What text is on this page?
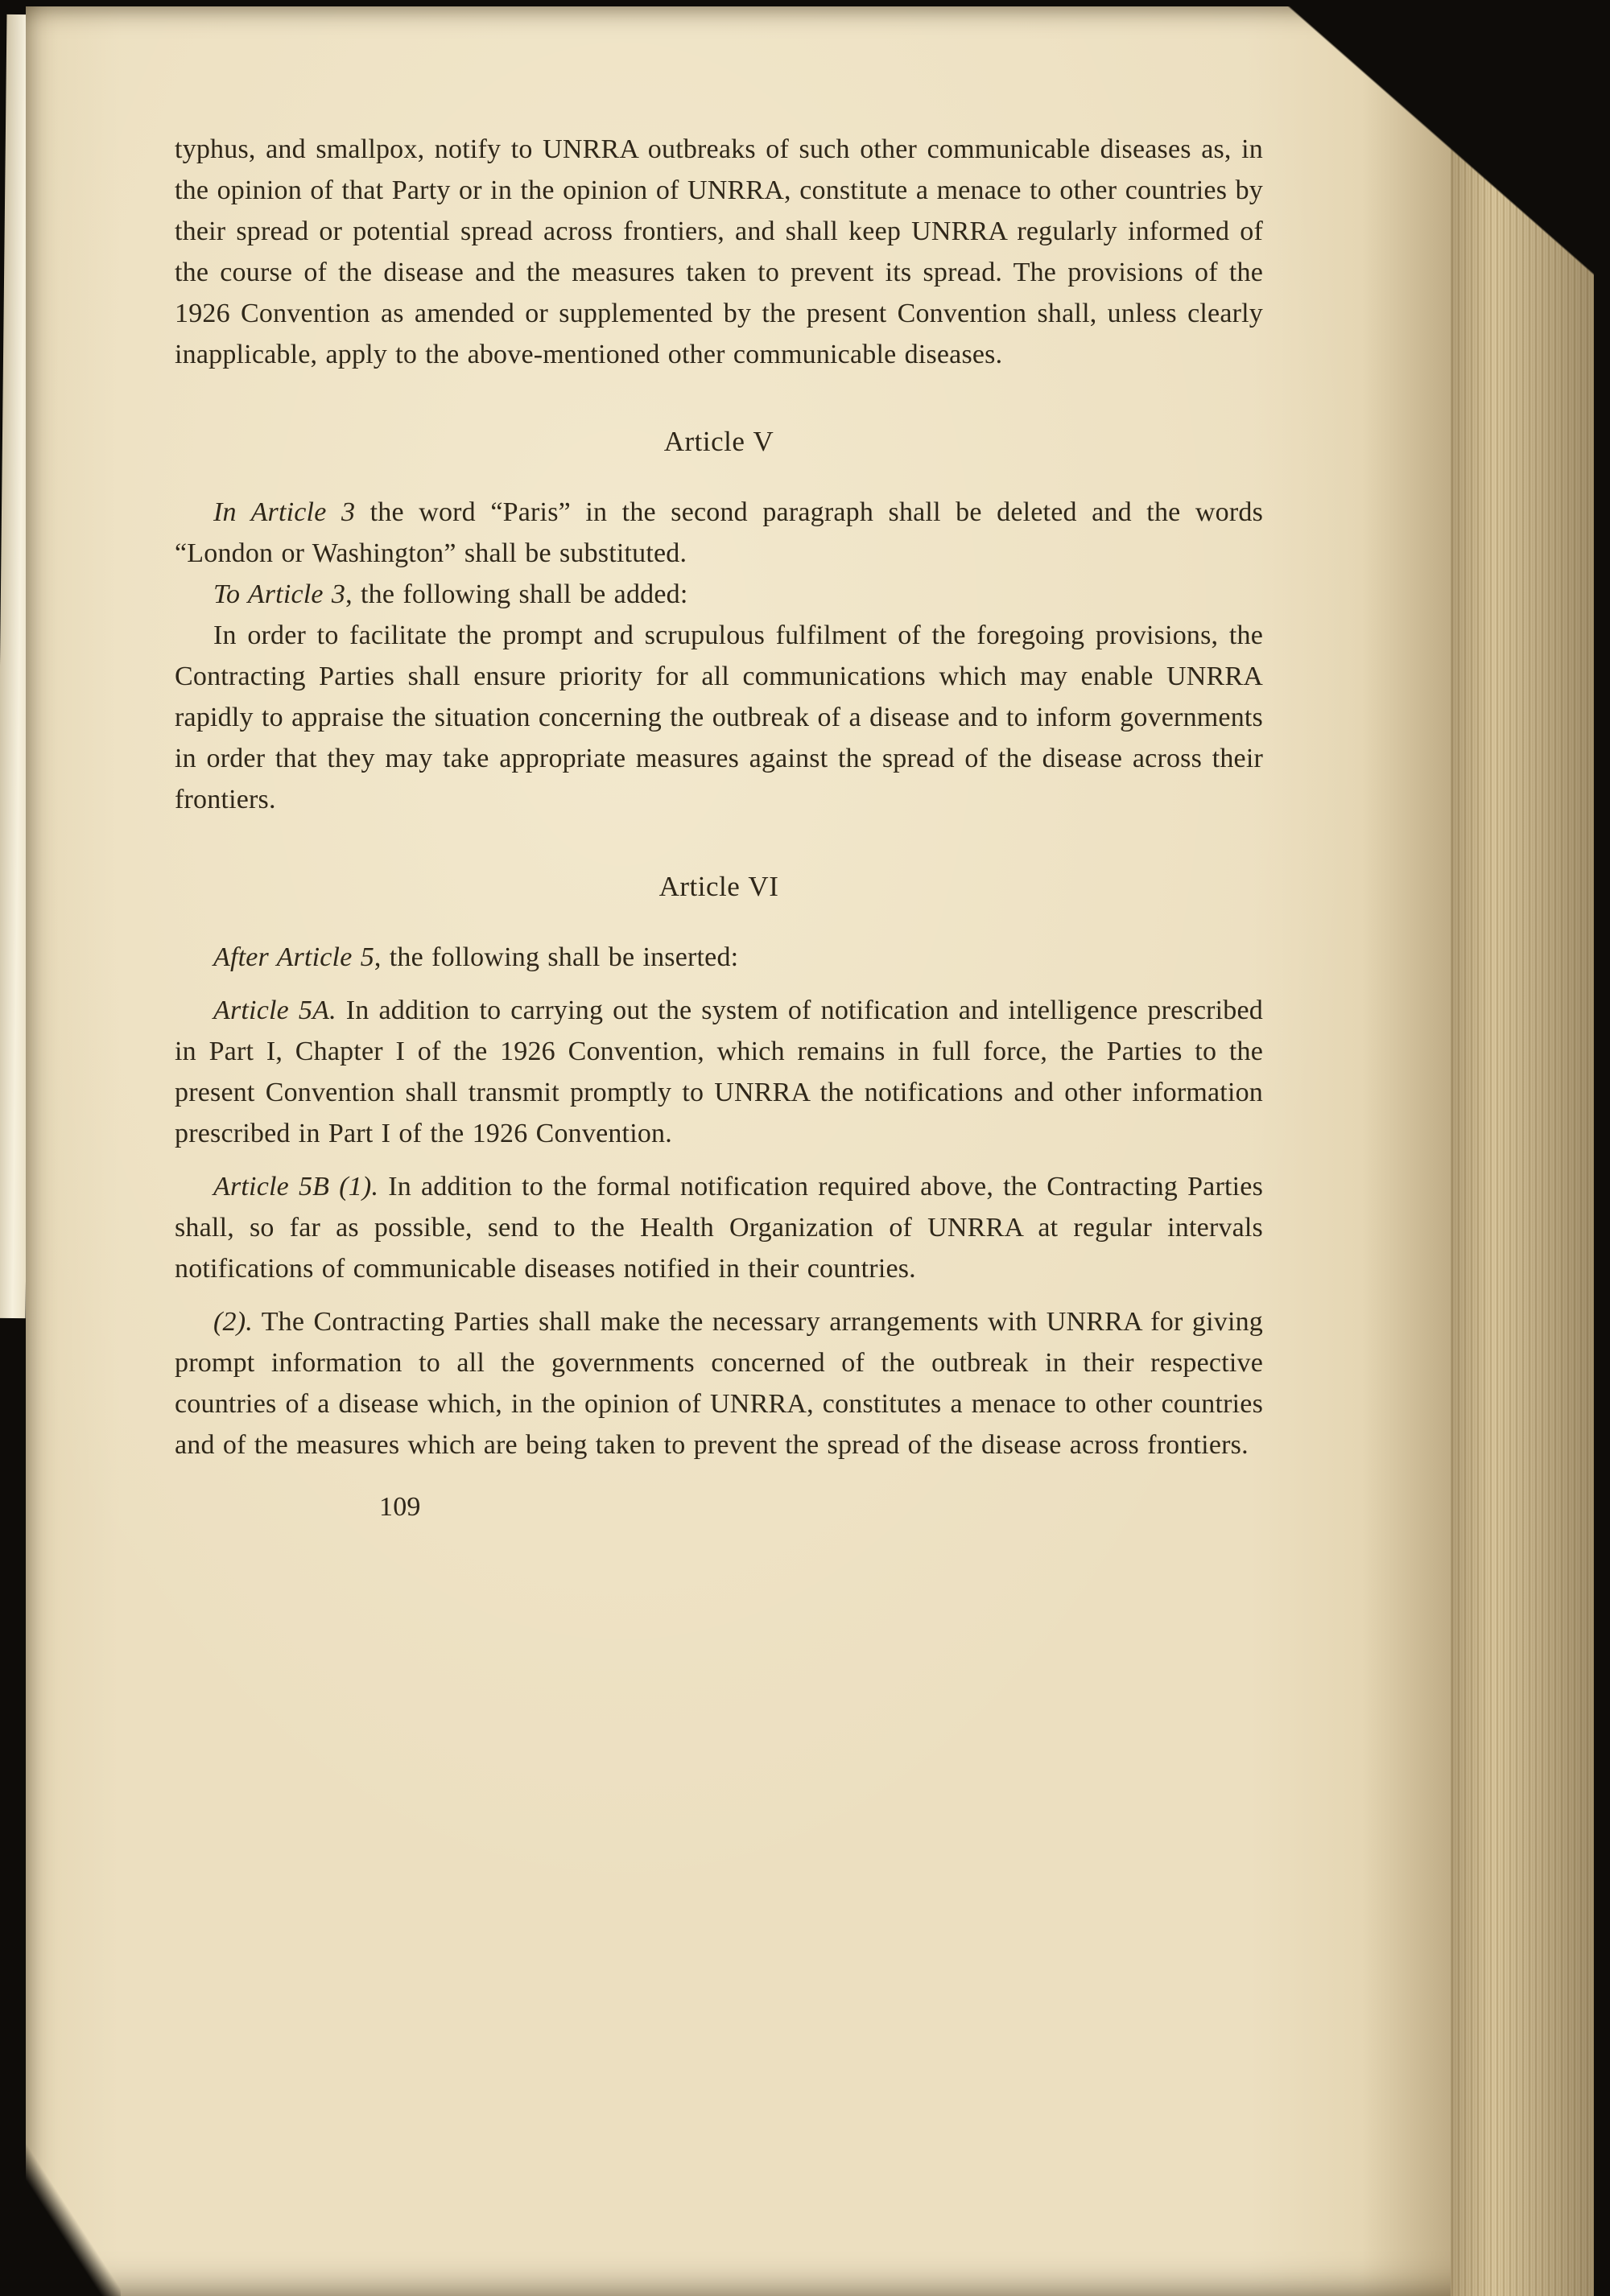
typhus, and smallpox, notify to UNRRA outbreaks of such other communicable diseases as, in the opinion of that Party or in the opinion of UNRRA, constitute a menace to other countries by their spread or potential spread across frontiers, and shall keep UNRRA regularly informed of the course of the disease and the measures taken to prevent its spread. The provisions of the 1926 Convention as amended or supplemented by the present Convention shall, unless clearly inapplicable, apply to the above-mentioned other communicable diseases.

Article V

In Article 3 the word “Paris” in the second paragraph shall be deleted and the words “London or Washington” shall be substituted.

To Article 3, the following shall be added:

In order to facilitate the prompt and scrupulous fulfilment of the foregoing provisions, the Contracting Parties shall ensure priority for all communications which may enable UNRRA rapidly to appraise the situation concerning the outbreak of a disease and to inform governments in order that they may take appropriate measures against the spread of the disease across their frontiers.

Article VI

After Article 5, the following shall be inserted:

Article 5A. In addition to carrying out the system of notification and intelligence prescribed in Part I, Chapter I of the 1926 Convention, which remains in full force, the Parties to the present Convention shall transmit promptly to UNRRA the notifications and other information prescribed in Part I of the 1926 Convention.

Article 5B (1). In addition to the formal notification required above, the Contracting Parties shall, so far as possible, send to the Health Organization of UNRRA at regular intervals notifications of communicable diseases notified in their countries.

(2). The Contracting Parties shall make the necessary arrangements with UNRRA for giving prompt information to all the governments concerned of the outbreak in their respective countries of a disease which, in the opinion of UNRRA, constitutes a menace to other countries and of the measures which are being taken to prevent the spread of the disease across frontiers.

109
